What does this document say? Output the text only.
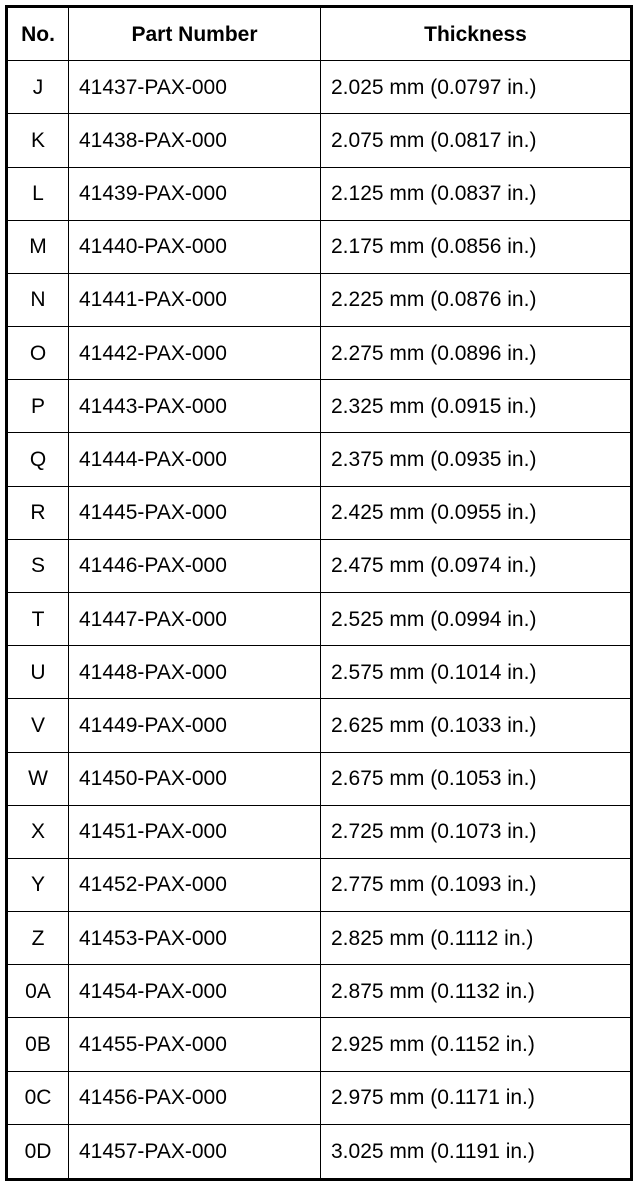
No.	Part Number	Thickness
J	41437-PAX-000	2.025 mm (0.0797 in.)
K	41438-PAX-000	2.075 mm (0.0817 in.)
L	41439-PAX-000	2.125 mm (0.0837 in.)
M	41440-PAX-000	2.175 mm (0.0856 in.)
N	41441-PAX-000	2.225 mm (0.0876 in.)
O	41442-PAX-000	2.275 mm (0.0896 in.)
P	41443-PAX-000	2.325 mm (0.0915 in.)
Q	41444-PAX-000	2.375 mm (0.0935 in.)
R	41445-PAX-000	2.425 mm (0.0955 in.)
S	41446-PAX-000	2.475 mm (0.0974 in.)
T	41447-PAX-000	2.525 mm (0.0994 in.)
U	41448-PAX-000	2.575 mm (0.1014 in.)
V	41449-PAX-000	2.625 mm (0.1033 in.)
W	41450-PAX-000	2.675 mm (0.1053 in.)
X	41451-PAX-000	2.725 mm (0.1073 in.)
Y	41452-PAX-000	2.775 mm (0.1093 in.)
Z	41453-PAX-000	2.825 mm (0.1112 in.)
0A	41454-PAX-000	2.875 mm (0.1132 in.)
0B	41455-PAX-000	2.925 mm (0.1152 in.)
0C	41456-PAX-000	2.975 mm (0.1171 in.)
0D	41457-PAX-000	3.025 mm (0.1191 in.)
